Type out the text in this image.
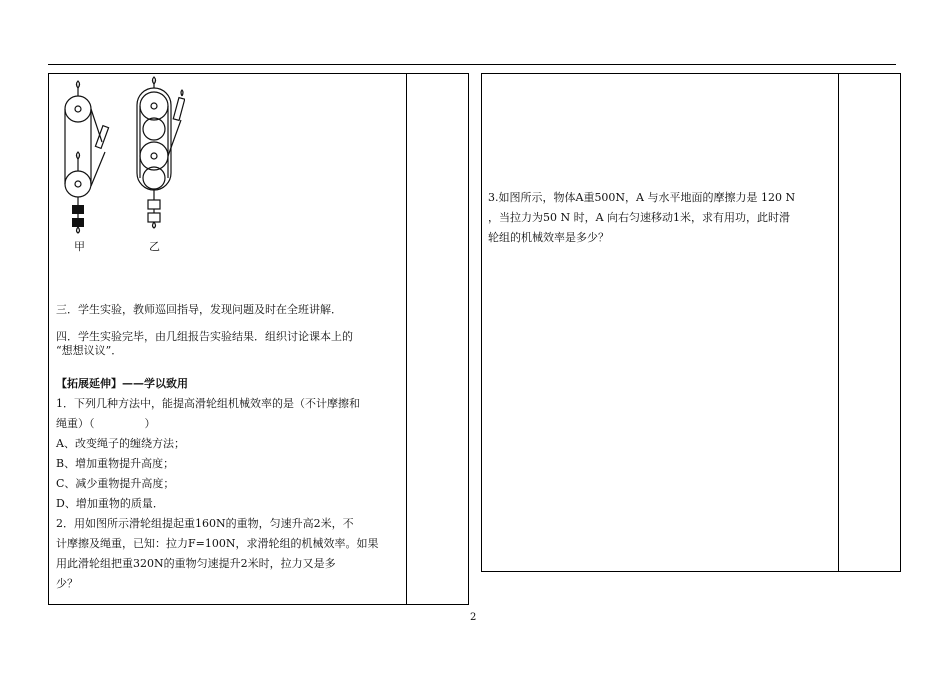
甲	乙
三．学生实验，教师巡回指导，发现问题及时在全班讲解．
四．学生实验完毕，由几组报告实验结果．组织讨论课本上的
“想想议议”．
【拓展延伸】——学以致用
1．下列几种方法中，能提高滑轮组机械效率的是（不计摩擦和
绳重）（	）
A、改变绳子的缠绕方法；
B、增加重物提升高度；
C、减少重物提升高度；
D、增加重物的质量．
2．用如图所示滑轮组提起重160N的重物，匀速升高2米，不
计摩擦及绳重，已知：拉力F=100N，求滑轮组的机械效率。如果
用此滑轮组把重320N的重物匀速提升2米时，拉力又是多
少？
3.如图所示，物体A重500N，A 与水平地面的摩擦力是 120 N
，当拉力为50 N 时，A 向右匀速移动1米，求有用功，此时滑
轮组的机械效率是多少？
2
